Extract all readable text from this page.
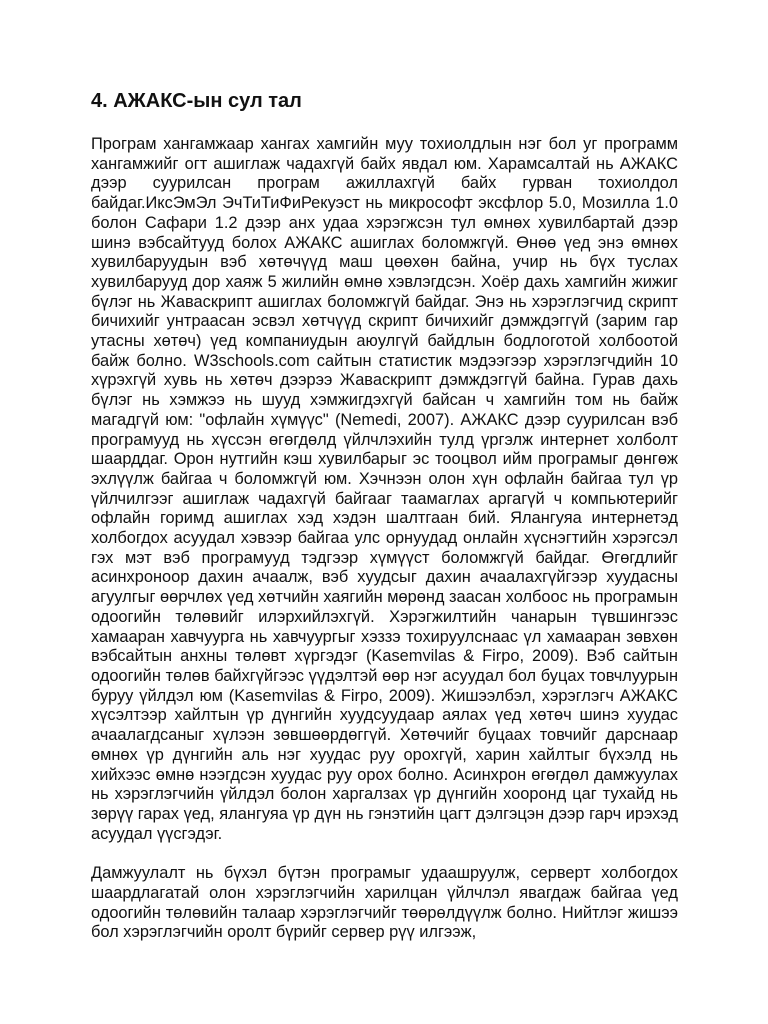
4. АЖАКС-ын сул тал

Програм хангамжаар хангах хамгийн муу тохиолдлын нэг бол уг программ хангамжийг огт ашиглаж чадахгүй байх явдал юм. Харамсалтай нь АЖАКС дээр суурилсан програм ажиллахгүй байх гурван тохиолдол байдаг.ИксЭмЭл ЭчТиТиФиРекуэст нь микрософт эксфлор 5.0, Мозилла 1.0 болон Сафари 1.2 дээр анх удаа хэрэгжсэн тул өмнөх хувилбартай дээр шинэ вэбсайтууд болох АЖАКС ашиглах боломжгүй. Өнөө үед энэ өмнөх хувилбаруудын вэб хөтөчүүд маш цөөхөн байна, учир нь бүх туслах хувилбарууд дор хаяж 5 жилийн өмнө хэвлэгдсэн. Хоёр дахь хамгийн жижиг бүлэг нь Жаваскрипт ашиглах боломжгүй байдаг. Энэ нь хэрэглэгчид скрипт бичихийг унтраасан эсвэл хөтчүүд скрипт бичихийг дэмждэггүй (зарим гар утасны хөтөч) үед компаниудын аюулгүй байдлын бодлоготой холбоотой байж болно. W3schools.com сайтын статистик мэдээгээр хэрэглэгчдийн 10 хүрэхгүй хувь нь хөтөч дээрээ Жаваскрипт дэмждэггүй байна. Гурав дахь бүлэг нь хэмжээ нь шууд хэмжигдэхгүй байсан ч хамгийн том нь байж магадгүй юм: "офлайн хүмүүс" (Nemedi, 2007). АЖАКС дээр суурилсан вэб програмууд нь хүссэн өгөгдөлд үйлчлэхийн тулд үргэлж интернет холболт шаарддаг. Орон нутгийн кэш хувилбарыг эс тооцвол ийм програмыг дөнгөж эхлүүлж байгаа ч боломжгүй юм. Хэчнээн олон хүн офлайн байгаа тул үр үйлчилгээг ашиглаж чадахгүй байгааг таамаглах аргагүй ч компьютерийг офлайн горимд ашиглах хэд хэдэн шалтгаан бий. Ялангуяа интернетэд холбогдох асуудал хэвээр байгаа улс орнуудад онлайн хүснэгтийн хэрэгсэл гэх мэт вэб програмууд тэдгээр хүмүүст боломжгүй байдаг. Өгөгдлийг асинхроноор дахин ачаалж, вэб хуудсыг дахин ачаалахгүйгээр хуудасны агуулгыг өөрчлөх үед хөтчийн хаягийн мөрөнд заасан холбоос нь програмын одоогийн төлөвийг илэрхийлэхгүй. Хэрэгжилтийн чанарын түвшингээс хамааран хавчуурга нь хавчуургыг хэззэ тохируулснаас үл хамааран зөвхөн вэбсайтын анхны төлөвт хүргэдэг (Kasemvilas & Firpo, 2009). Вэб сайтын одоогийн төлөв байхгүйгээс үүдэлтэй өөр нэг асуудал бол буцах товчлуурын буруу үйлдэл юм (Kasemvilas & Firpo, 2009). Жишээлбэл, хэрэглэгч АЖАКС хүсэлтээр хайлтын үр дүнгийн хуудсуудаар аялах үед хөтөч шинэ хуудас ачаалагдсаныг хүлээн зөвшөөрдөггүй. Хөтөчийг буцаах товчийг дарснаар өмнөх үр дүнгийн аль нэг хуудас руу орохгүй, харин хайлтыг бүхэлд нь хийхээс өмнө нээгдсэн хуудас руу орох болно. Асинхрон өгөгдөл дамжуулах нь хэрэглэгчийн үйлдэл болон харгалзах үр дүнгийн хооронд цаг тухайд нь зөрүү гарах үед, ялангуяа үр дүн нь гэнэтийн цагт дэлгэцэн дээр гарч ирэхэд асуудал үүсгэдэг.

Дамжуулалт нь бүхэл бүтэн програмыг удаашруулж, серверт холбогдох шаардлагатай олон хэрэглэгчийн харилцан үйлчлэл явагдаж байгаа үед одоогийн төлөвийн талаар хэрэглэгчийг төөрөлдүүлж болно. Нийтлэг жишээ бол хэрэглэгчийн оролт бүрийг сервер рүү илгээж,
